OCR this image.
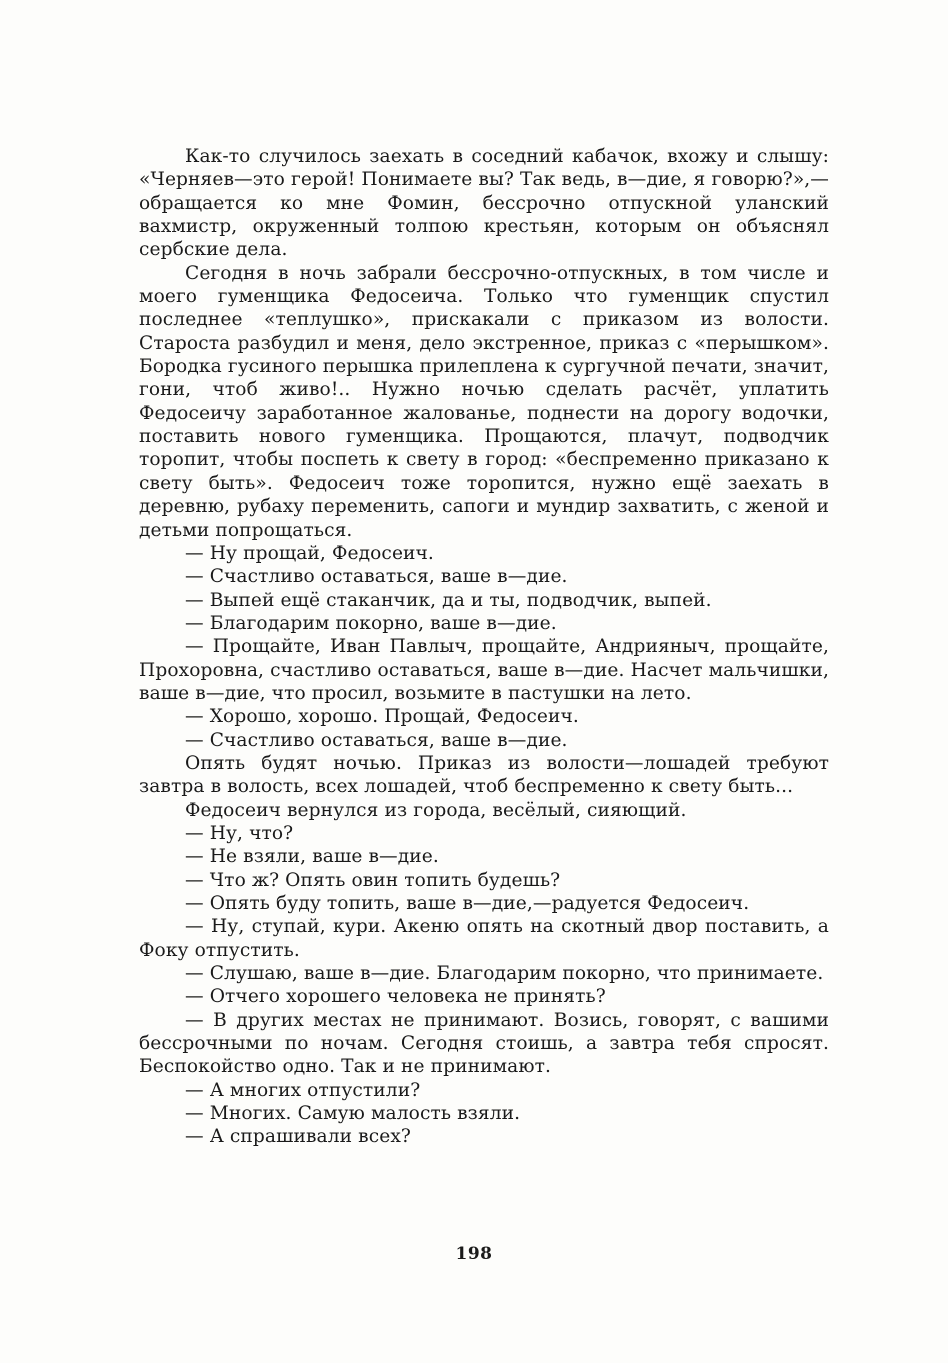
Как-то случилось заехать в соседний кабачок, вхожу и слышу: «Черняев—это герой! Понимаете вы? Так ведь, в—дие, я говорю?»,—обращается ко мне Фомин, бессрочно отпускной уланский вахмистр, окруженный толпою крестьян, которым он объяснял сербские дела.

Сегодня в ночь забрали бессрочно-отпускных, в том числе и моего гуменщика Федосеича. Только что гуменщик спустил последнее «теплушко», прискакали с приказом из волости. Староста разбудил и меня, дело экстренное, приказ с «перышком». Бородка гусиного перышка прилеплена к сургучной печати, значит, гони, чтоб живо!.. Нужно ночью сделать расчёт, уплатить Федосеичу заработанное жалованье, поднести на дорогу водочки, поставить нового гуменщика. Прощаются, плачут, подводчик торопит, чтобы поспеть к свету в город: «беспременно приказано к свету быть». Федосеич тоже торопится, нужно ещё заехать в деревню, рубаху переменить, сапоги и мундир захватить, с женой и детьми попрощаться.

— Ну прощай, Федосеич.

— Счастливо оставаться, ваше в—дие.

— Выпей ещё стаканчик, да и ты, подводчик, выпей.

— Благодарим покорно, ваше в—дие.

— Прощайте, Иван Павлыч, прощайте, Андрияныч, прощайте, Прохоровна, счастливо оставаться, ваше в—дие. Насчет мальчишки, ваше в—дие, что просил, возьмите в пастушки на лето.

— Хорошо, хорошо. Прощай, Федосеич.

— Счастливо оставаться, ваше в—дие.

Опять будят ночью. Приказ из волости—лошадей требуют завтра в волость, всех лошадей, чтоб беспременно к свету быть...

Федосеич вернулся из города, весёлый, сияющий.

— Ну, что?

— Не взяли, ваше в—дие.

— Что ж? Опять овин топить будешь?

— Опять буду топить, ваше в—дие,—радуется Федосеич.

— Ну, ступай, кури. Акеню опять на скотный двор поставить, а Фоку отпустить.

— Слушаю, ваше в—дие. Благодарим покорно, что принимаете.

— Отчего хорошего человека не принять?

— В других местах не принимают. Возись, говорят, с вашими бессрочными по ночам. Сегодня стоишь, а завтра тебя спросят. Беспокойство одно. Так и не принимают.

— А многих отпустили?

— Многих. Самую малость взяли.

— А спрашивали всех?

198
